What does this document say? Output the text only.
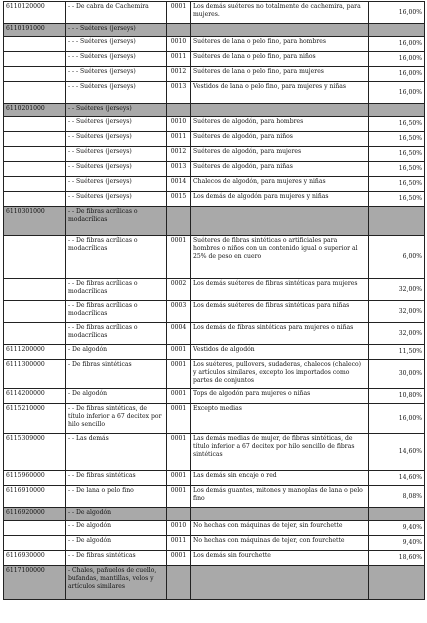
6110120000	- - De cabra de Cachemira	0001	Los demás suéteres no totalmente de cachemira, para mujeres.	16,00%
6110191000	- - - Suéteres (jerseys)			
	- - - Suéteres (jerseys)	0010	Suéteres de lana o pelo fino, para hombres	16,00%
	- - - Suéteres (jerseys)	0011	Suéteres de lana o pelo fino, para niños	16,00%
	- - - Suéteres (jerseys)	0012	Suéteres de lana o pelo fino, para mujeres	16,00%
	- - - Suéteres (jerseys)	0013	Vestidos de lana o pelo fino, para mujeres y niñas	16,00%
6110201000	- - Suéteres (jerseys)			
	- - Suéteres (jerseys)	0010	Suéteres de algodón, para hombres	16,50%
	- - Suéteres (jerseys)	0011	Suéteres de algodón, para niños	16,50%
	- - Suéteres (jerseys)	0012	Suéteres de algodón, para mujeres	16,50%
	- - Suéteres (jerseys)	0013	Suéteres de algodón, para niñas	16,50%
	- - Suéteres (jerseys)	0014	Chalecos de algodón, para mujeres y niñas	16,50%
	- - Suéteres (jerseys)	0015	Los demás de algodón para mujeres y niñas	16,50%
6110301000	- - De fibras acrílicas o modacrílicas			
	- - De fibras acrílicas o modacrílicas	0001	Suéteres de fibras sintéticas o artificiales para hombres o niños con un contenido igual o superior al 25% de peso en cuero	6,00%
	- - De fibras acrílicas o modacrílicas	0002	Los demás suéteres de fibras sintéticas para mujeres	32,00%
	- - De fibras acrílicas o modacrílicas	0003	Los demás suéteres de fibras sintéticas para niñas	32,00%
	- - De fibras acrílicas o modacrílicas	0004	Los demás de fibras sintéticas para mujeres o niñas	32,00%
6111200000	- De algodón	0001	Vestidos de algodón	11,50%
6111300000	- De fibras sintéticas	0001	Los suéteres, pullovers, sudaderas, chalecos (chaleco) y artículos similares, excepto los importados como partes de conjuntos	30,00%
6114200000	- De algodón	0001	Tops de algodón para mujeres o niñas	10,80%
6115210000	- - De fibras sintéticas, de título inferior a 67 decitex por hilo sencillo	0001	Excepto medias	16,00%
6115309000	- - Las demás	0001	Las demás medias de mujer, de fibras sintéticas, de título inferior a 67 decitex por hilo sencillo de fibras sintéticas	14,60%
6115960000	- - De fibras sintéticas	0001	Las demás sin encaje o red	14,60%
6116910000	- - De lana o pelo fino	0001	Los demás guantes, mitones y manoplas de lana o pelo fino	8,08%
6116920000	- - De algodón			
	- - De algodón	0010	No hechas con máquinas de tejer, sin fourchette	9,40%
	- - De algodón	0011	No hechas con máquinas de tejer, con fourchette	9,40%
6116930000	- - De fibras sintéticas	0001	Los demás sin fourchette	18,60%
6117100000	- Chales, pañuelos de cuello, bufandas, mantillas, velos y artículos similares			
